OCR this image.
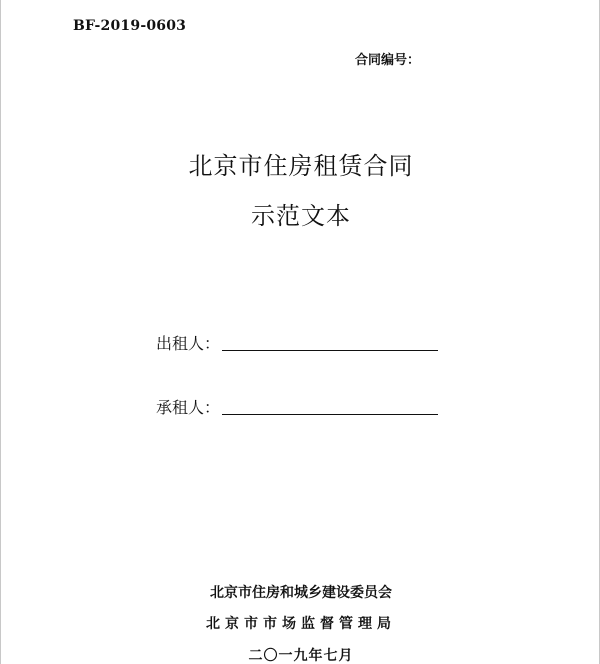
BF-2019-0603
合同编号：
北京市住房租赁合同
示范文本
出租人：
承租人：
北京市住房和城乡建设委员会
北京市市场监督管理局
二〇一九年七月
